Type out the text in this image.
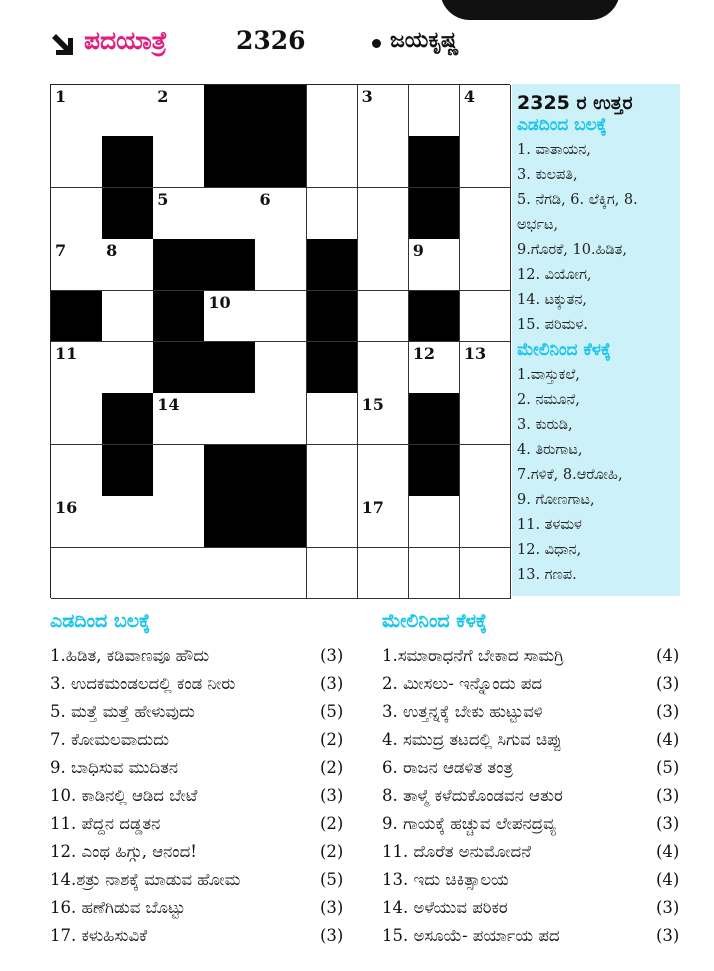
ಪದಯಾತ್ರೆ	2326	ಜಯಕೃಷ್ಣ
1	2	3	4
5	6
7 8	9
10
11	12 13
14	15
16	17
2325 ರ ಉತ್ತರ
ಎಡದಿಂದ ಬಲಕ್ಕೆ
1. ವಾತಾಯನ,
3. ಕುಲಪತಿ,
5. ನೆಗಡಿ, 6. ಲೆಕ್ಕಿಗ, 8.
ಅರ್ಭಟ,
9.ಗೊರಕೆ, 10.ಹಿಡಿತ,
12. ವಿಯೋಗ,
14. ಟಕ್ಕುತನ,
15. ಪರಿಮಳ.
ಮೇಲಿನಿಂದ ಕೆಳಕ್ಕೆ
1.ವಾಸ್ತುಕಲೆ,
2. ನಮೂನೆ,
3. ಕುರುಡಿ,
4. ತಿರುಗಾಟ,
7.ಗಳಿಕೆ, 8.ಆರೋಹಿ,
9. ಗೋಣಗಾಟ,
11. ತಳಮಳ
12. ವಿಧಾನ,
13. ಗಣಪ.
ಎಡದಿಂದ ಬಲಕ್ಕೆ	ಮೇಲಿನಿಂದ ಕೆಳಕ್ಕೆ
1.ಹಿಡಿತ, ಕಡಿವಾಣವೂ ಹೌದು	(3)
3. ಉದಕಮಂಡಲದಲ್ಲಿ ಕಂಡ ನೀರು	(3)
5. ಮತ್ತೆ ಮತ್ತೆ ಹೇಳುವುದು	(5)
7. ಕೋಮಲವಾದುದು	(2)
9. ಬಾಧಿಸುವ ಮುದಿತನ	(2)
10. ಕಾಡಿನಲ್ಲಿ ಆಡಿದ ಬೇಟೆ	(3)
11. ಪೆದ್ದನ ದಡ್ಡತನ	(2)
12. ಎಂಥ ಹಿಗ್ಗು, ಆನಂದ!	(2)
14.ಶತ್ರು ನಾಶಕ್ಕೆ ಮಾಡುವ ಹೋಮ	(5)
16. ಹಣೆಗಿಡುವ ಬೊಟ್ಟು	(3)
17. ಕಳುಹಿಸುವಿಕೆ	(3)
1.ಸಮಾರಾಧನೆಗೆ ಬೇಕಾದ ಸಾಮಗ್ರಿ	(4)
2. ಮೀಸಲು- ಇನ್ನೊಂದು ಪದ	(3)
3. ಉತ್ತನ್ನಕ್ಕೆ ಬೇಕು ಹುಟ್ಟುವಳಿ	(3)
4. ಸಮುದ್ರ ತಟದಲ್ಲಿ ಸಿಗುವ ಚಿಪ್ಪು	(4)
6. ರಾಜನ ಆಡಳಿತ ತಂತ್ರ	(5)
8. ತಾಳ್ಮೆ ಕಳೆದುಕೊಂಡವನ ಆತುರ	(3)
9. ಗಾಯಕ್ಕೆ ಹಚ್ಚುವ ಲೇಪನದ್ರವ್ಯ	(3)
11. ದೊರೆತ ಅನುಮೋದನೆ	(4)
13. ಇದು ಚಿಕಿತ್ಸಾಲಯ	(4)
14. ಅಳೆಯುವ ಪರಿಕರ	(3)
15. ಅಸೂಯೆ- ಪರ್ಯಾಯ ಪದ	(3)
